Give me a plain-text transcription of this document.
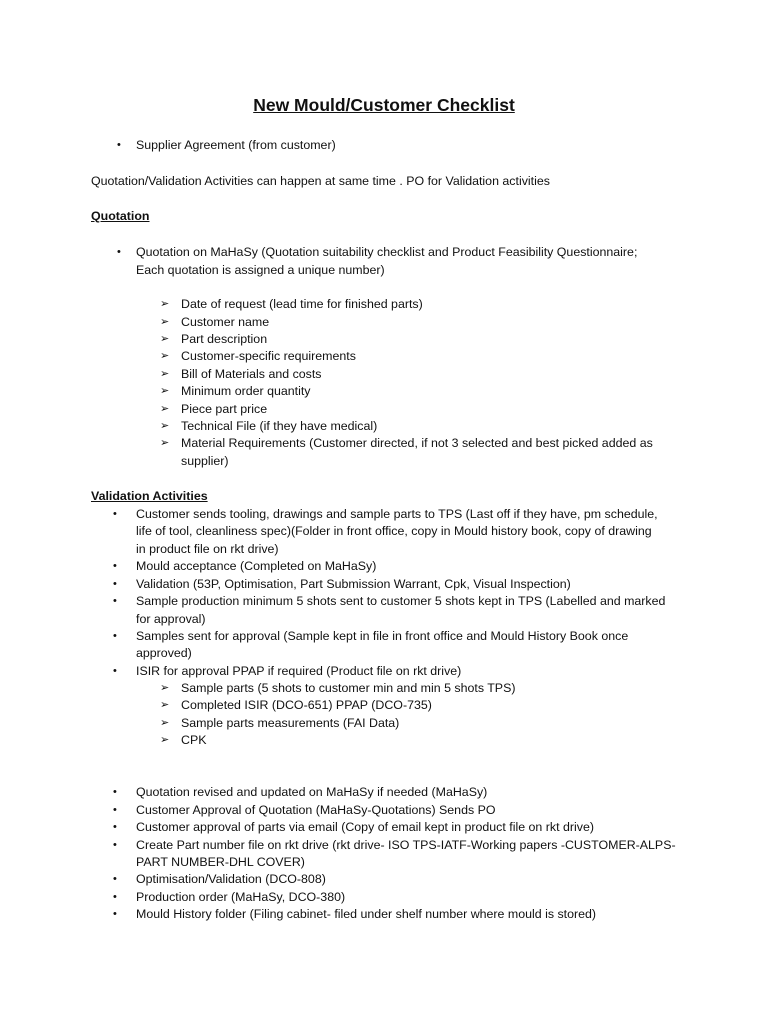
New Mould/Customer Checklist
• Supplier Agreement (from customer)
Quotation/Validation Activities can happen at same time . PO for Validation activities
Quotation
• Quotation on MaHaSy (Quotation suitability checklist and Product Feasibility Questionnaire;
Each quotation is assigned a unique number)
➢ Date of request (lead time for finished parts)
➢ Customer name
➢ Part description
➢ Customer-specific requirements
➢ Bill of Materials and costs
➢ Minimum order quantity
➢ Piece part price
➢ Technical File (if they have medical)
➢ Material Requirements (Customer directed, if not 3 selected and best picked added as
supplier)
Validation Activities
• Customer sends tooling, drawings and sample parts to TPS (Last off if they have, pm schedule,
life of tool, cleanliness spec)(Folder in front office, copy in Mould history book, copy of drawing
in product file on rkt drive)
• Mould acceptance (Completed on MaHaSy)
• Validation (53P, Optimisation, Part Submission Warrant, Cpk, Visual Inspection)
• Sample production minimum 5 shots sent to customer 5 shots kept in TPS (Labelled and marked
for approval)
• Samples sent for approval (Sample kept in file in front office and Mould History Book once
approved)
• ISIR for approval PPAP if required (Product file on rkt drive)
➢ Sample parts (5 shots to customer min and min 5 shots TPS)
➢ Completed ISIR (DCO-651) PPAP (DCO-735)
➢ Sample parts measurements (FAI Data)
➢ CPK
• Quotation revised and updated on MaHaSy if needed (MaHaSy)
• Customer Approval of Quotation (MaHaSy-Quotations) Sends PO
• Customer approval of parts via email (Copy of email kept in product file on rkt drive)
• Create Part number file on rkt drive (rkt drive- ISO TPS-IATF-Working papers -CUSTOMER-ALPS-
PART NUMBER-DHL COVER)
• Optimisation/Validation (DCO-808)
• Production order (MaHaSy, DCO-380)
• Mould History folder (Filing cabinet- filed under shelf number where mould is stored)
